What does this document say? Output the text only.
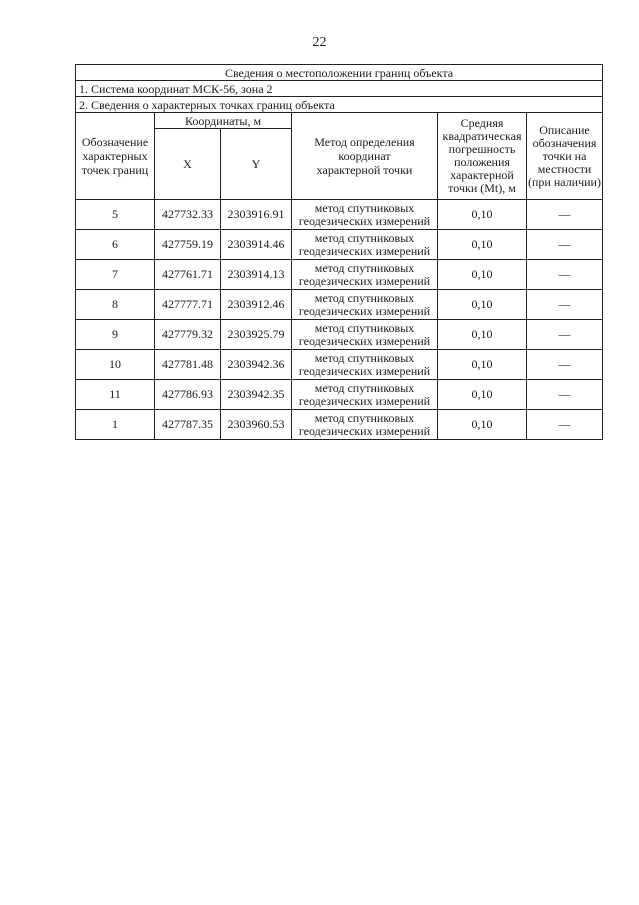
22
Сведения о местоположении границ объекта					
1. Система координат МСК-56, зона 2					
2. Сведения о характерных точках границ объекта					
Обозначение характерных точек границ	Координаты, м		Метод определения координат характерной точки	Средняя квадратическая погрешность положения характерной точки (Mt), м	Описание обозначения точки на местности (при наличии)
	X	Y			
5	427732.33	2303916.91	метод спутниковых геодезических измерений	0,10	—
6	427759.19	2303914.46	метод спутниковых геодезических измерений	0,10	—
7	427761.71	2303914.13	метод спутниковых геодезических измерений	0,10	—
8	427777.71	2303912.46	метод спутниковых геодезических измерений	0,10	—
9	427779.32	2303925.79	метод спутниковых геодезических измерений	0,10	—
10	427781.48	2303942.36	метод спутниковых геодезических измерений	0,10	—
11	427786.93	2303942.35	метод спутниковых геодезических измерений	0,10	—
1	427787.35	2303960.53	метод спутниковых геодезических измерений	0,10	—
